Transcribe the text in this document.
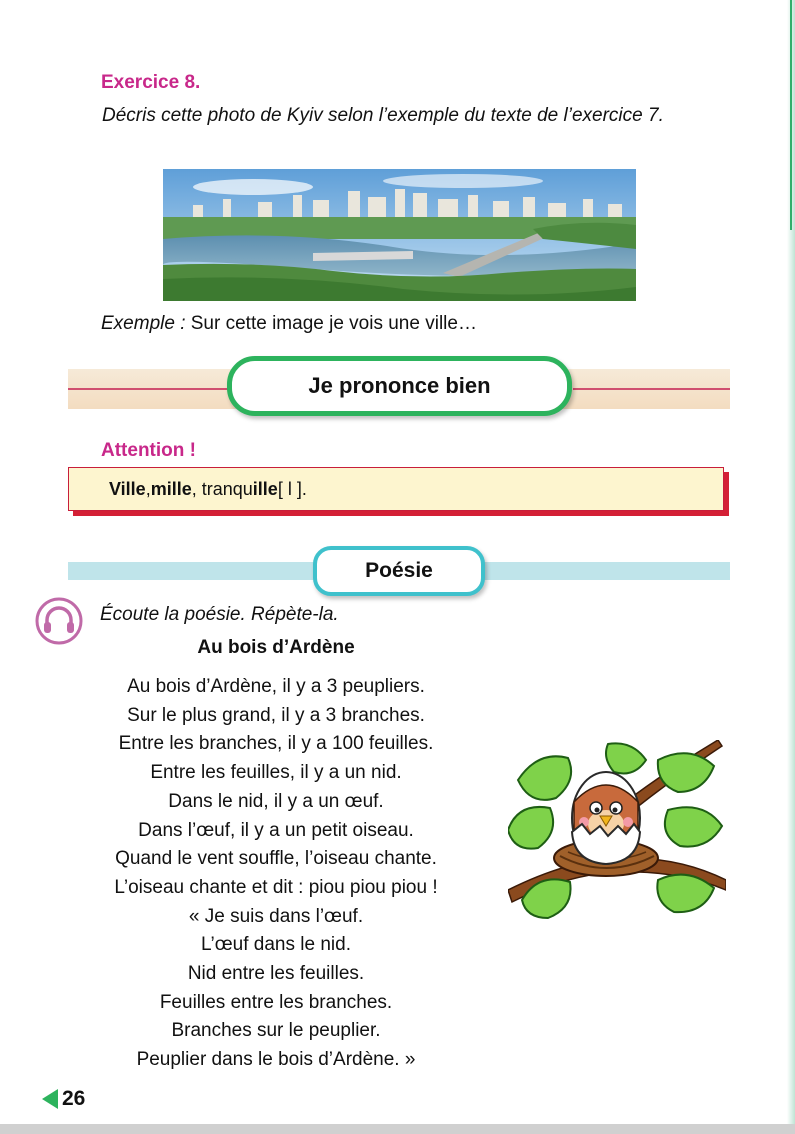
Exercice 8.
Décris cette photo de Kyiv selon l’exemple du texte de l’exercice 7.
Exemple : Sur cette image je vois une ville…
Je prononce bien
Attention !
Ville , mille , tranqu ille [ l ].
Poésie
Écoute la poésie. Répète-la.
Au bois d’Ardène
Au bois d’Ardène, il y a 3 peupliers.
Sur le plus grand, il y a 3 branches.
Entre les branches, il y a 100 feuilles.
Entre les feuilles, il y a un nid.
Dans le nid, il y a un œuf.
Dans l’œuf, il y a un petit oiseau.
Quand le vent souffle, l’oiseau chante.
L’oiseau chante et dit : piou piou piou !
« Je suis dans l’œuf.
L’œuf dans le nid.
Nid entre les feuilles.
Feuilles entre les branches.
Branches sur le peuplier.
Peuplier dans le bois d’Ardène. »
26
